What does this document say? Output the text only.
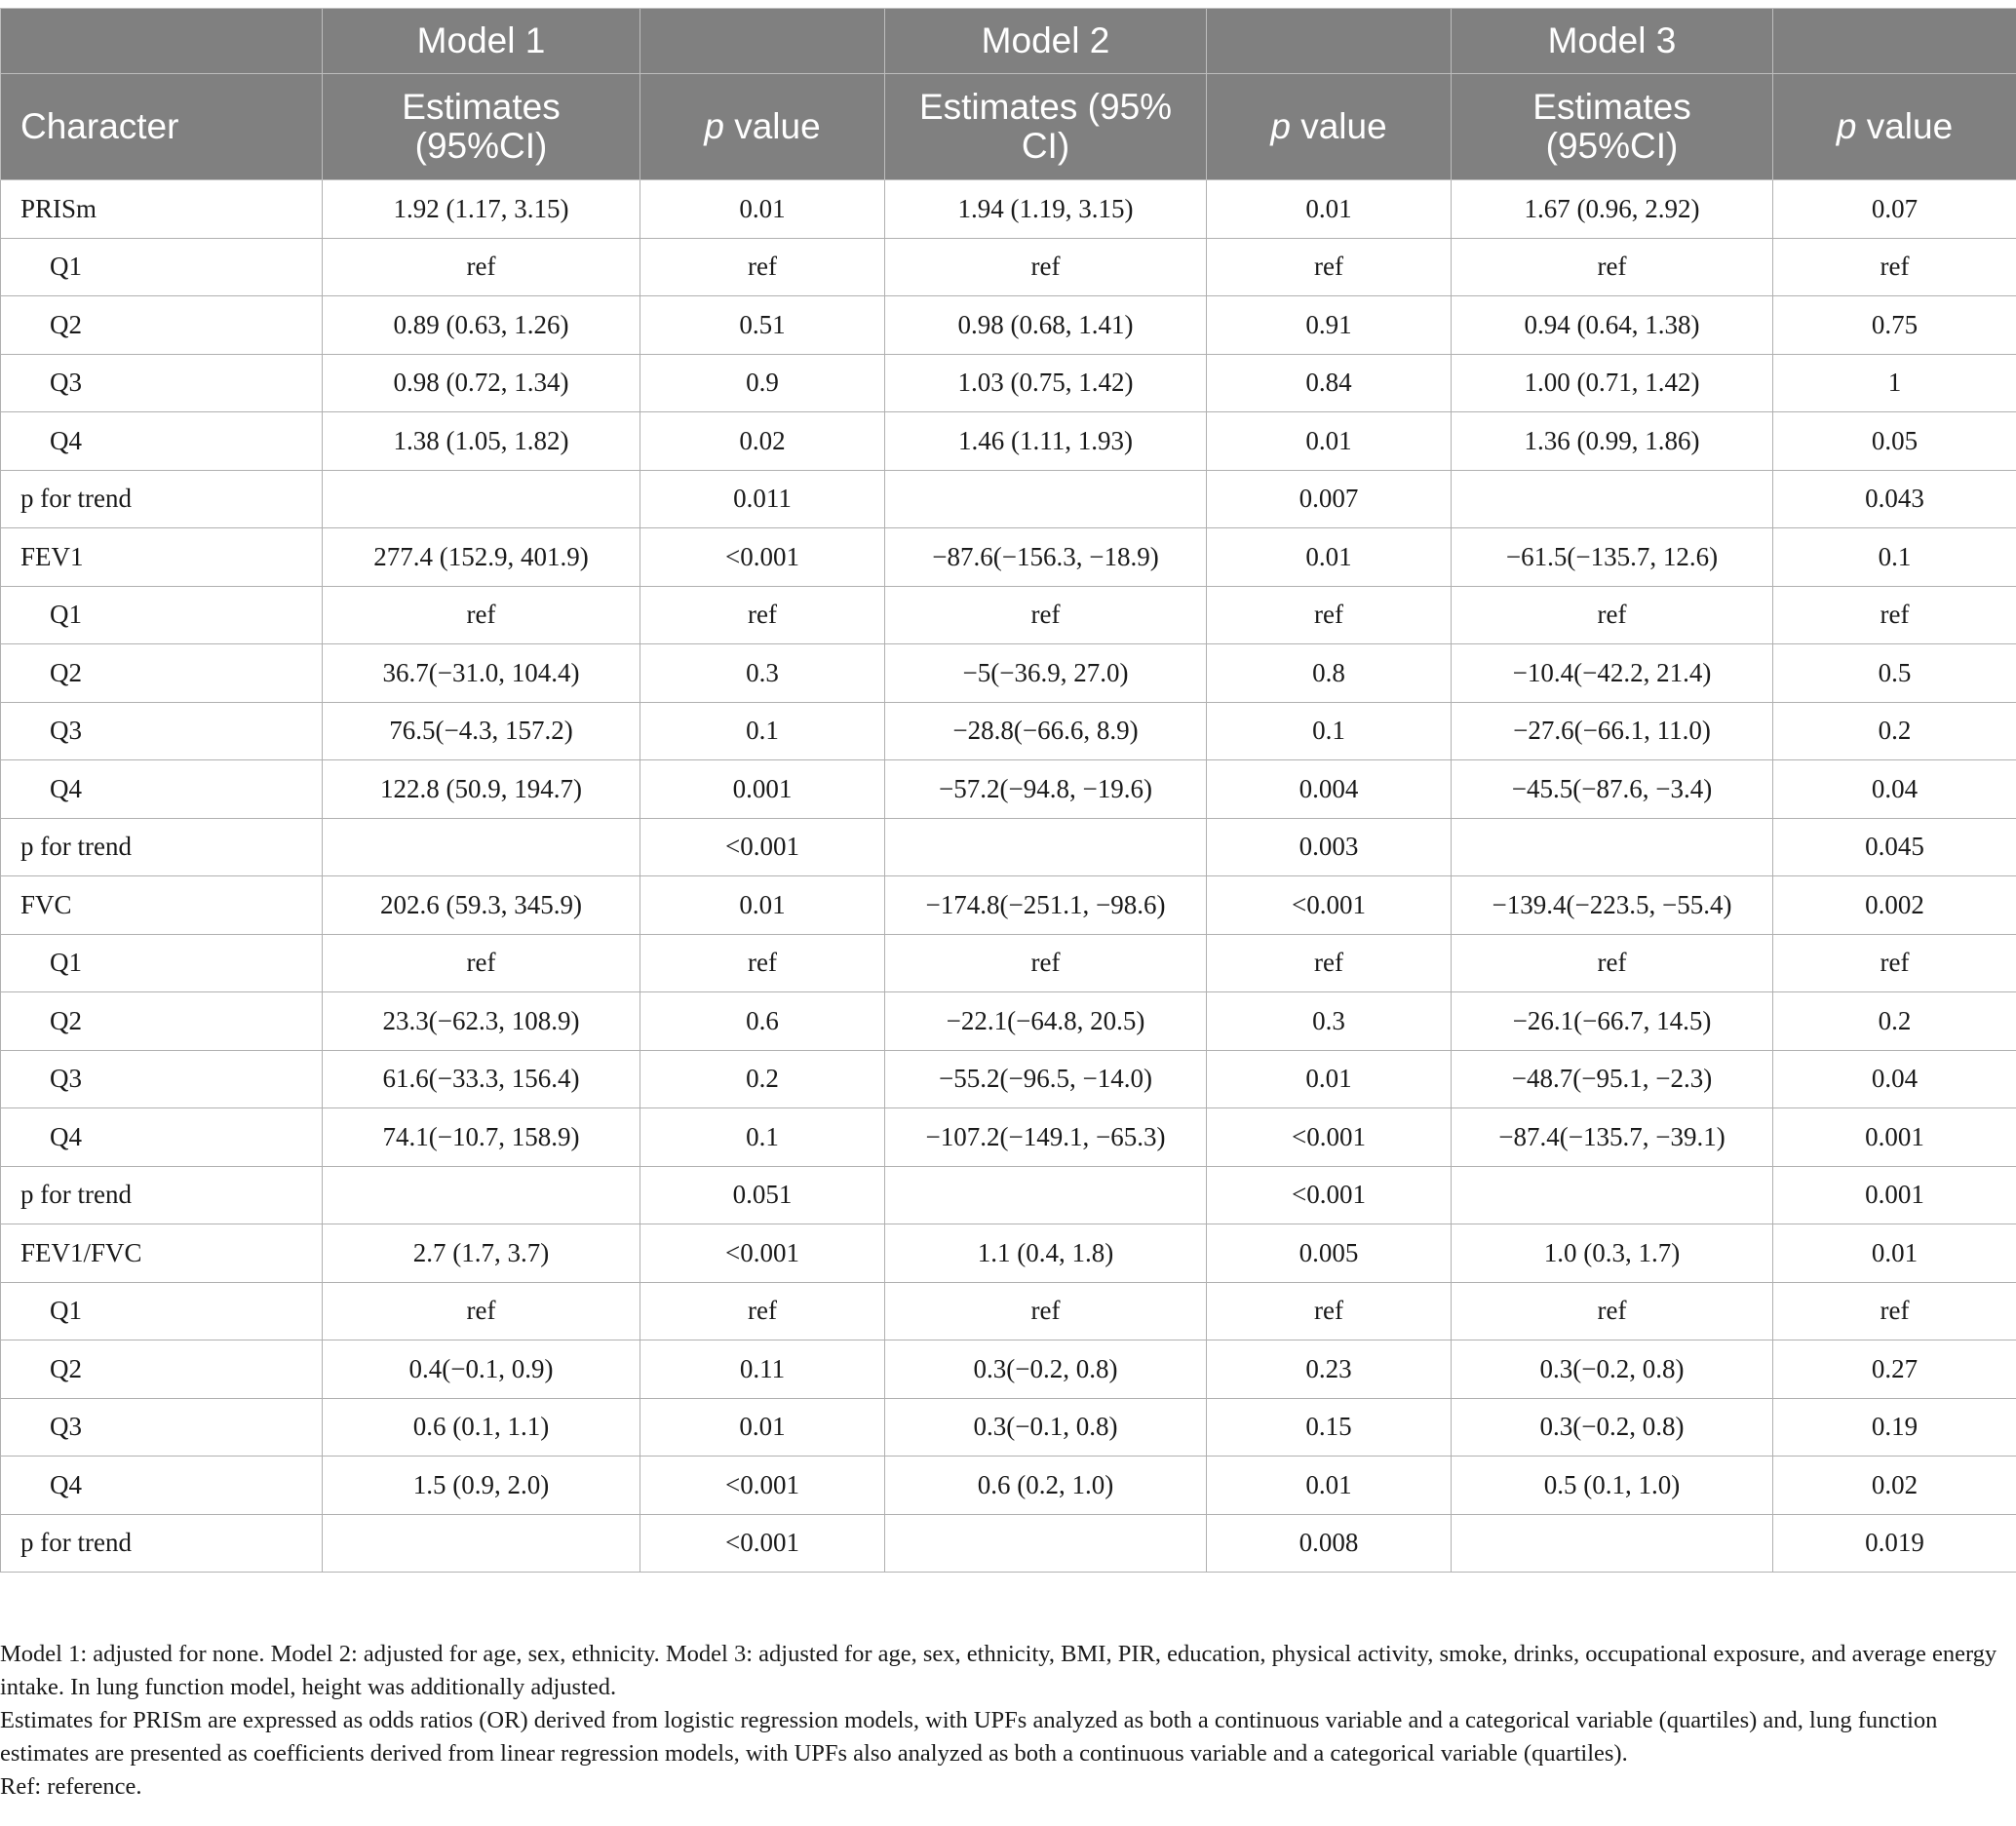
	Model 1		Model 2		Model 3	
Character	Estimates (95%CI)	p value	Estimates (95% CI)	p value	Estimates (95%CI)	p value
PRISm	1.92 (1.17, 3.15)	0.01	1.94 (1.19, 3.15)	0.01	1.67 (0.96, 2.92)	0.07
Q1	ref	ref	ref	ref	ref	ref
Q2	0.89 (0.63, 1.26)	0.51	0.98 (0.68, 1.41)	0.91	0.94 (0.64, 1.38)	0.75
Q3	0.98 (0.72, 1.34)	0.9	1.03 (0.75, 1.42)	0.84	1.00 (0.71, 1.42)	1
Q4	1.38 (1.05, 1.82)	0.02	1.46 (1.11, 1.93)	0.01	1.36 (0.99, 1.86)	0.05
p for trend		0.011		0.007		0.043
FEV1	277.4 (152.9, 401.9)	<0.001	−87.6(−156.3, −18.9)	0.01	−61.5(−135.7, 12.6)	0.1
Q1	ref	ref	ref	ref	ref	ref
Q2	36.7(−31.0, 104.4)	0.3	−5(−36.9, 27.0)	0.8	−10.4(−42.2, 21.4)	0.5
Q3	76.5(−4.3, 157.2)	0.1	−28.8(−66.6, 8.9)	0.1	−27.6(−66.1, 11.0)	0.2
Q4	122.8 (50.9, 194.7)	0.001	−57.2(−94.8, −19.6)	0.004	−45.5(−87.6, −3.4)	0.04
p for trend		<0.001		0.003		0.045
FVC	202.6 (59.3, 345.9)	0.01	−174.8(−251.1, −98.6)	<0.001	−139.4(−223.5, −55.4)	0.002
Q1	ref	ref	ref	ref	ref	ref
Q2	23.3(−62.3, 108.9)	0.6	−22.1(−64.8, 20.5)	0.3	−26.1(−66.7, 14.5)	0.2
Q3	61.6(−33.3, 156.4)	0.2	−55.2(−96.5, −14.0)	0.01	−48.7(−95.1, −2.3)	0.04
Q4	74.1(−10.7, 158.9)	0.1	−107.2(−149.1, −65.3)	<0.001	−87.4(−135.7, −39.1)	0.001
p for trend		0.051		<0.001		0.001
FEV1/FVC	2.7 (1.7, 3.7)	<0.001	1.1 (0.4, 1.8)	0.005	1.0 (0.3, 1.7)	0.01
Q1	ref	ref	ref	ref	ref	ref
Q2	0.4(−0.1, 0.9)	0.11	0.3(−0.2, 0.8)	0.23	0.3(−0.2, 0.8)	0.27
Q3	0.6 (0.1, 1.1)	0.01	0.3(−0.1, 0.8)	0.15	0.3(−0.2, 0.8)	0.19
Q4	1.5 (0.9, 2.0)	<0.001	0.6 (0.2, 1.0)	0.01	0.5 (0.1, 1.0)	0.02
p for trend		<0.001		0.008		0.019

Model 1: adjusted for none. Model 2: adjusted for age, sex, ethnicity. Model 3: adjusted for age, sex, ethnicity, BMI, PIR, education, physical activity, smoke, drinks, occupational exposure, and average energy intake. In lung function model, height was additionally adjusted.

Estimates for PRISm are expressed as odds ratios (OR) derived from logistic regression models, with UPFs analyzed as both a continuous variable and a categorical variable (quartiles) and, lung function estimates are presented as coefficients derived from linear regression models, with UPFs also analyzed as both a continuous variable and a categorical variable (quartiles).

Ref: reference.
